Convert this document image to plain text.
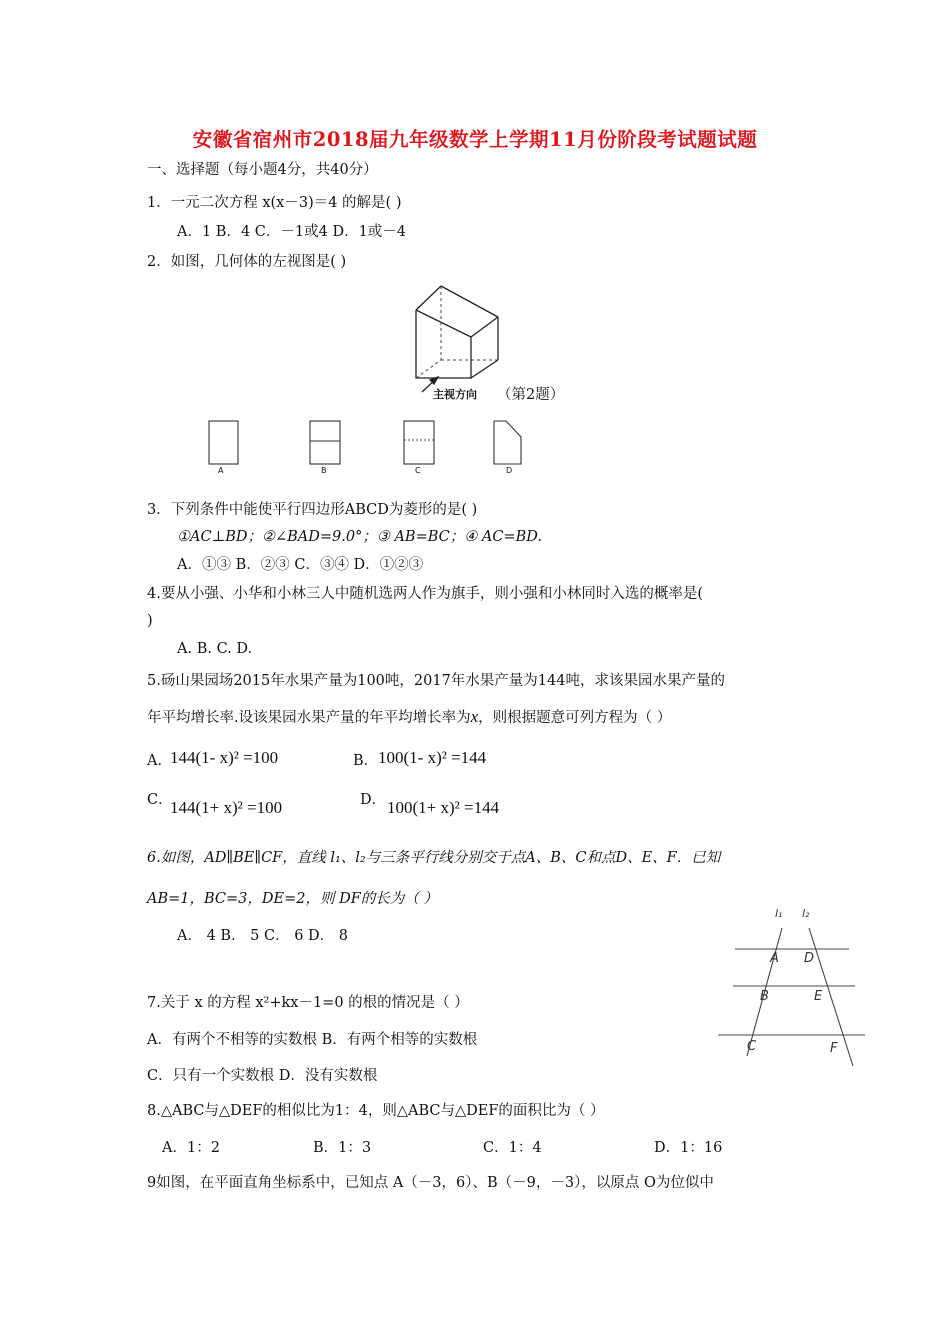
安徽省宿州市2018届九年级数学上学期11月份阶段考试题试题
一、选择题（每小题4分，共40分）
1．一元二次方程 x(x－3)＝4 的解是( )
A．1 B．4 C．－1或4 D．1或－4
2．如图，几何体的左视图是( )
主视方向 （第2题）
A	B	C	D
3．下列条件中能使平行四边形ABCD为菱形的是( )
①AC⊥BD；②∠BAD=9.0°；③ AB=BC；④ AC=BD.
A．①③ B．②③ C．③④ D．①②③
4.要从小强、小华和小林三人中随机选两人作为旗手，则小强和小林同时入选的概率是(
)
A. B. C. D.
5.砀山果园场2015年水果产量为100吨，2017年水果产量为144吨，求该果园水果产量的
年平均增长率.设该果园水果产量的年平均增长率为x，则根据题意可列方程为（ ）
A．
144(1- x)² =100	B． 100(1- x)² =144
C．
144(1+ x)² =100	D． 100(1+ x)² =144
6.如图，AD∥BE∥CF，直线 l₁、l₂与三条平行线分别交于点A、B、C和点D、E、F．已知
AB=1，BC=3，DE=2，则 DF的长为（ ）
A． 4 B． 5 C． 6 D． 8
l₁ l₂
A D
B	E
C	F
7.关于 x 的方程 x²+kx－1=0 的根的情况是（ ）
A．有两个不相等的实数根 B．有两个相等的实数根
C．只有一个实数根 D．没有实数根
8.△ABC与△DEF的相似比为1：4，则△ABC与△DEF的面积比为（ ）
A．1：2	B．1：3	C．1：4	D．1：16
9如图，在平面直角坐标系中，已知点 A（－3，6）、B（－9，－3），以原点 O为位似中
